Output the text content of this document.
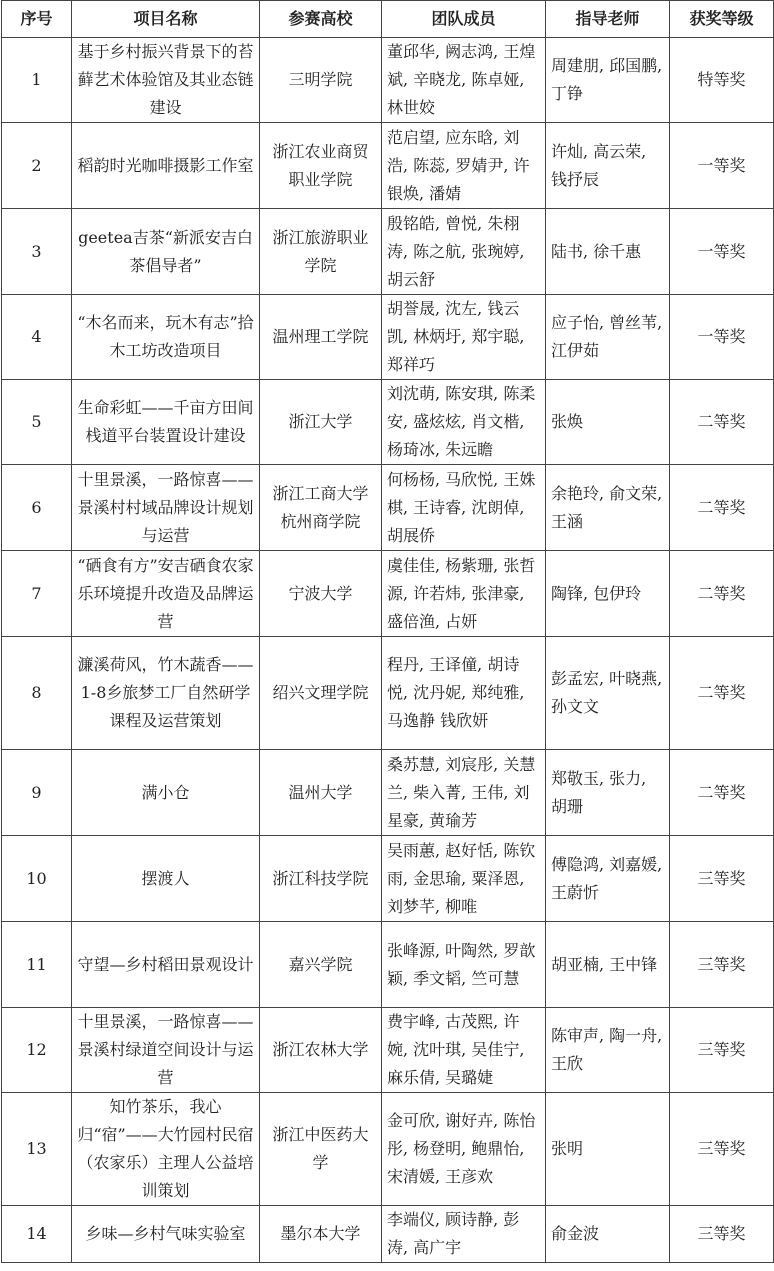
序号	项目名称	参赛高校	团队成员	指导老师	获奖等级
1	基于乡村振兴背景下的苔藓艺术体验馆及其业态链建设	三明学院	董邱华, 阙志鸿, 王煌斌, 辛晓龙, 陈卓娅, 林世姣	周建朋, 邱国鹏, 丁铮	特等奖
2	稻韵时光咖啡摄影工作室	浙江农业商贸职业学院	范启望, 应东晗, 刘浩, 陈蕊, 罗婧尹, 许银焕, 潘婧	许灿, 高云荣, 钱抒辰	一等奖
3	geetea吉茶“新派安吉白茶倡导者”	浙江旅游职业学院	殷铭皓, 曾悦, 朱栩涛, 陈之航, 张琬婷, 胡云舒	陆书, 徐千惠	一等奖
4	“木名而来，玩木有志”拾木工坊改造项目	温州理工学院	胡誉晟, 沈左, 钱云凯, 林炳圩, 郑宇聪, 郑祥巧	应子怡, 曾丝苇, 江伊茹	一等奖
5	生命彩虹——千亩方田间栈道平台装置设计建设	浙江大学	刘沈萌, 陈安琪, 陈柔安, 盛炫炫, 肖文楷, 杨琦冰, 朱远瞻	张焕	二等奖
6	十里景溪，一路惊喜——景溪村村域品牌设计规划与运营	浙江工商大学杭州商学院	何杨杨, 马欣悦, 王姝棋, 王诗睿, 沈朗倬, 胡展侨	余艳玲, 俞文荣, 王涵	二等奖
7	“硒食有方”安吉硒食农家乐环境提升改造及品牌运营	宁波大学	虞佳佳, 杨紫珊, 张哲源, 许若炜, 张津豪, 盛倍渔, 占妍	陶锋, 包伊玲	二等奖
8	濂溪荷风，竹木蔬香——1-8乡旅梦工厂自然研学课程及运营策划	绍兴文理学院	程丹, 王译僮, 胡诗悦, 沈丹妮, 郑纯雅, 马逸静 钱欣妍	彭孟宏, 叶晓燕, 孙文文	二等奖
9	满小仓	温州大学	桑苏慧, 刘宸彤, 关慧兰, 柴入菁, 王伟, 刘星豪, 黄瑜芳	郑敬玉, 张力, 胡珊	二等奖
10	摆渡人	浙江科技学院	吴雨蕙, 赵好恬, 陈钦雨, 金思瑜, 粟泽恩, 刘梦芊, 柳唯	傅隐鸿, 刘嘉媛, 王蔚忻	三等奖
11	守望—乡村稻田景观设计	嘉兴学院	张峰源, 叶陶然, 罗歆颖, 季文韬, 竺可慧	胡亚楠, 王中锋	三等奖
12	十里景溪，一路惊喜——景溪村绿道空间设计与运营	浙江农林大学	费宇峰, 古茂熙, 许婉, 沈叶琪, 吴佳宁, 麻乐倩, 吴璐婕	陈审声, 陶一舟, 王欣	三等奖
13	知竹茶乐，我心归“宿”——大竹园村民宿（农家乐）主理人公益培训策划	浙江中医药大学	金可欣, 谢好卉, 陈怡彤, 杨登明, 鲍鼎怡, 宋清媛, 王彦欢	张明	三等奖
14	乡味—乡村气味实验室	墨尔本大学	李端仪, 顾诗静, 彭涛, 高广宇	俞金波	三等奖
